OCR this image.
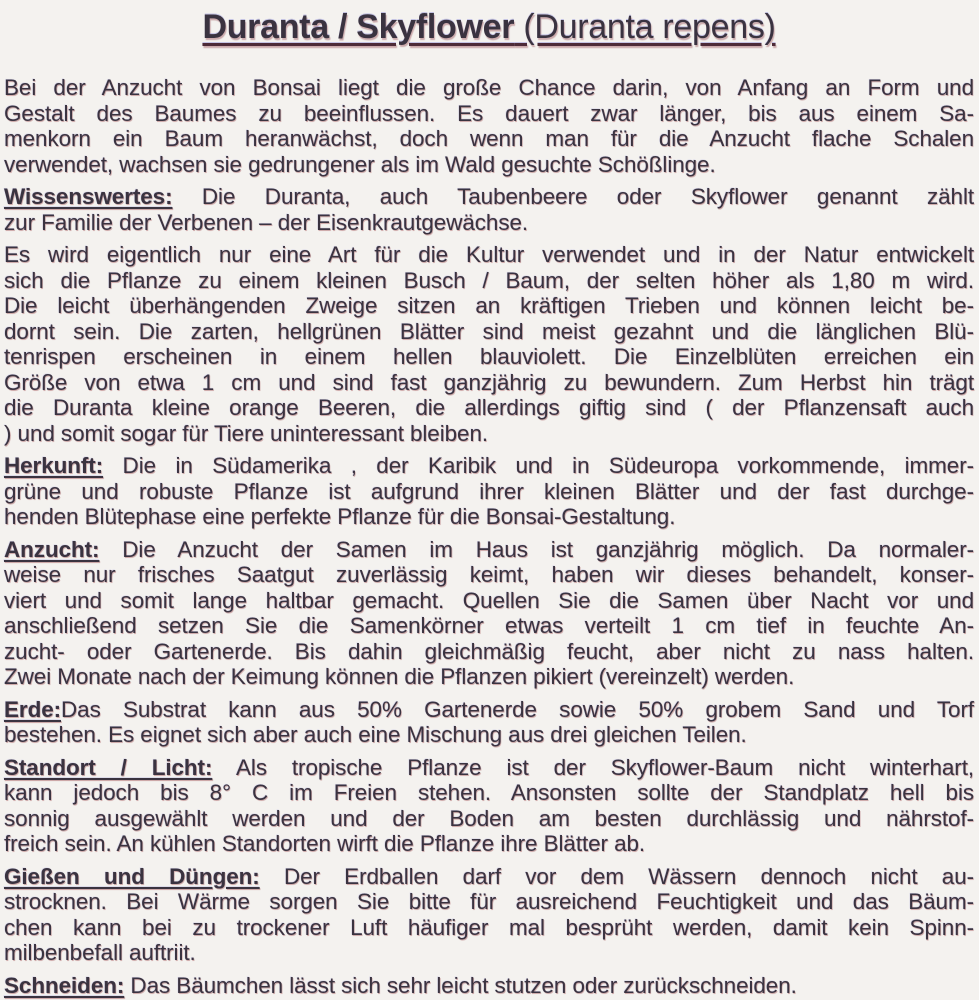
Duranta / Skyflower (Duranta repens)
Bei der Anzucht von Bonsai liegt die große Chance darin, von Anfang an Form und
Gestalt des Baumes zu beeinflussen. Es dauert zwar länger, bis aus einem Sa-
menkorn ein Baum heranwächst, doch wenn man für die Anzucht flache Schalen
verwendet, wachsen sie gedrungener als im Wald gesuchte Schößlinge.
Wissenswertes: Die Duranta, auch Taubenbeere oder Skyflower genannt zählt
zur Familie der Verbenen – der Eisenkrautgewächse.
Es wird eigentlich nur eine Art für die Kultur verwendet und in der Natur entwickelt
sich die Pflanze zu einem kleinen Busch / Baum, der selten höher als 1,80 m wird.
Die leicht überhängenden Zweige sitzen an kräftigen Trieben und können leicht be-
dornt sein. Die zarten, hellgrünen Blätter sind meist gezahnt und die länglichen Blü-
tenrispen erscheinen in einem hellen blauviolett. Die Einzelblüten erreichen ein
Größe von etwa 1 cm und sind fast ganzjährig zu bewundern. Zum Herbst hin trägt
die Duranta kleine orange Beeren, die allerdings giftig sind ( der Pflanzensaft auch
) und somit sogar für Tiere uninteressant bleiben.
Herkunft: Die in Südamerika , der Karibik und in Südeuropa vorkommende, immer-
grüne und robuste Pflanze ist aufgrund ihrer kleinen Blätter und der fast durchge-
henden Blütephase eine perfekte Pflanze für die Bonsai-Gestaltung.
Anzucht: Die Anzucht der Samen im Haus ist ganzjährig möglich. Da normaler-
weise nur frisches Saatgut zuverlässig keimt, haben wir dieses behandelt, konser-
viert und somit lange haltbar gemacht. Quellen Sie die Samen über Nacht vor und
anschließend setzen Sie die Samenkörner etwas verteilt 1 cm tief in feuchte An-
zucht- oder Gartenerde. Bis dahin gleichmäßig feucht, aber nicht zu nass halten.
Zwei Monate nach der Keimung können die Pflanzen pikiert (vereinzelt) werden.
Erde:Das Substrat kann aus 50% Gartenerde sowie 50% grobem Sand und Torf
bestehen. Es eignet sich aber auch eine Mischung aus drei gleichen Teilen.
Standort / Licht: Als tropische Pflanze ist der Skyflower-Baum nicht winterhart,
kann jedoch bis 8° C im Freien stehen. Ansonsten sollte der Standplatz hell bis
sonnig ausgewählt werden und der Boden am besten durchlässig und nährstof-
freich sein. An kühlen Standorten wirft die Pflanze ihre Blätter ab.
Gießen und Düngen: Der Erdballen darf vor dem Wässern dennoch nicht au-
strocknen. Bei Wärme sorgen Sie bitte für ausreichend Feuchtigkeit und das Bäum-
chen kann bei zu trockener Luft häufiger mal besprüht werden, damit kein Spinn-
milbenbefall auftriit.
Schneiden: Das Bäumchen lässt sich sehr leicht stutzen oder zurückschneiden.
